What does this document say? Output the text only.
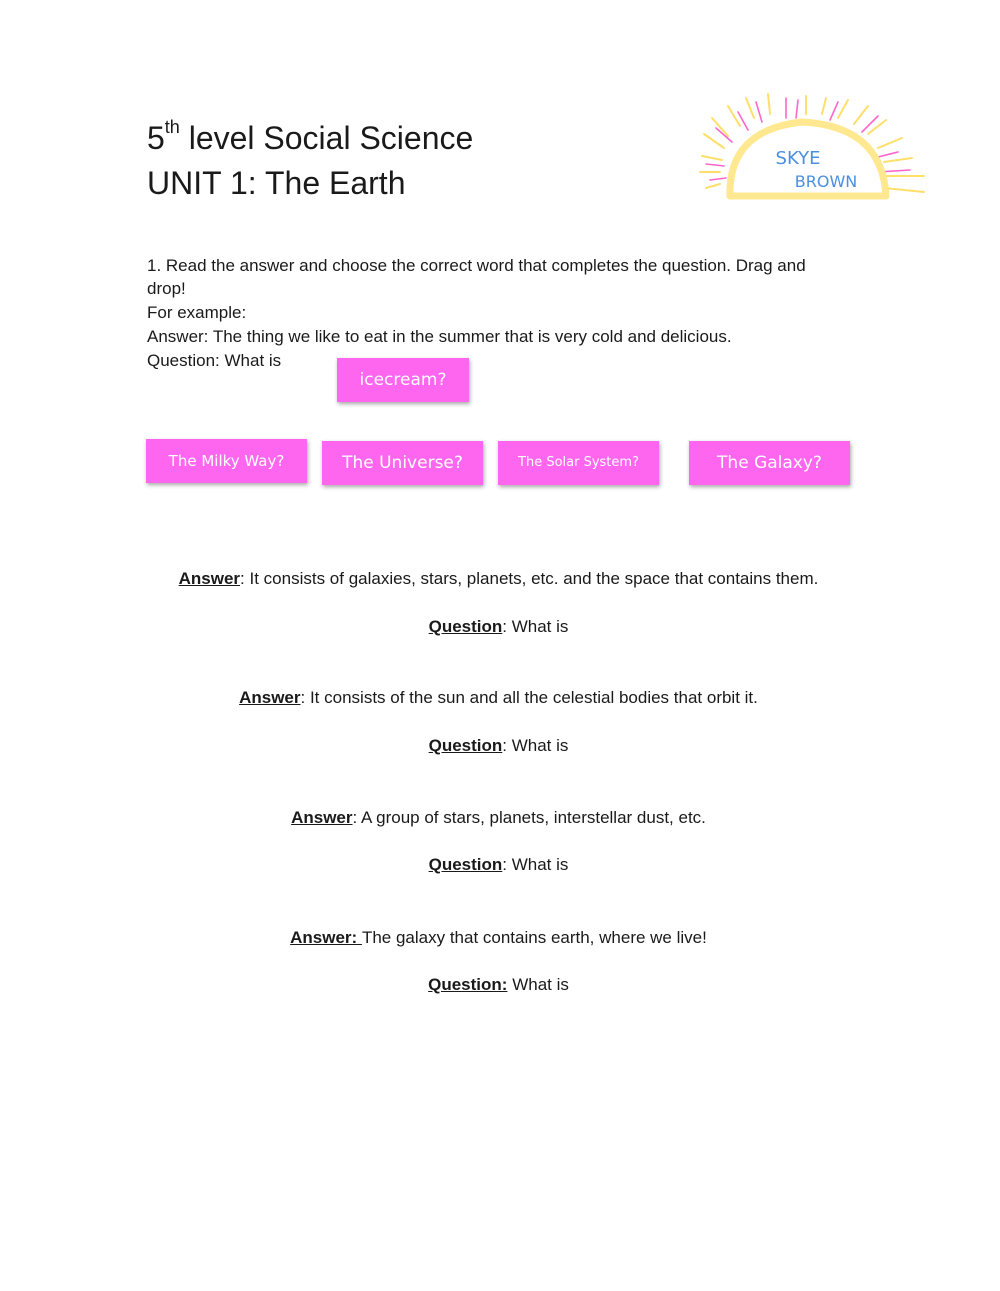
5th level Social Science
UNIT 1: The Earth
SKYE
BROWN
1. Read the answer and choose the correct word that completes the question. Drag and
drop!
For example:
Answer: The thing we like to eat in the summer that is very cold and delicious.
Question: What is
icecream?
The Milky Way?	The Universe?	The Solar System?	The Galaxy?
Answer: It consists of galaxies, stars, planets, etc. and the space that contains them.
Question: What is
Answer: It consists of the sun and all the celestial bodies that orbit it.
Question: What is
Answer: A group of stars, planets, interstellar dust, etc.
Question: What is
Answer: The galaxy that contains earth, where we live!
Question: What is
